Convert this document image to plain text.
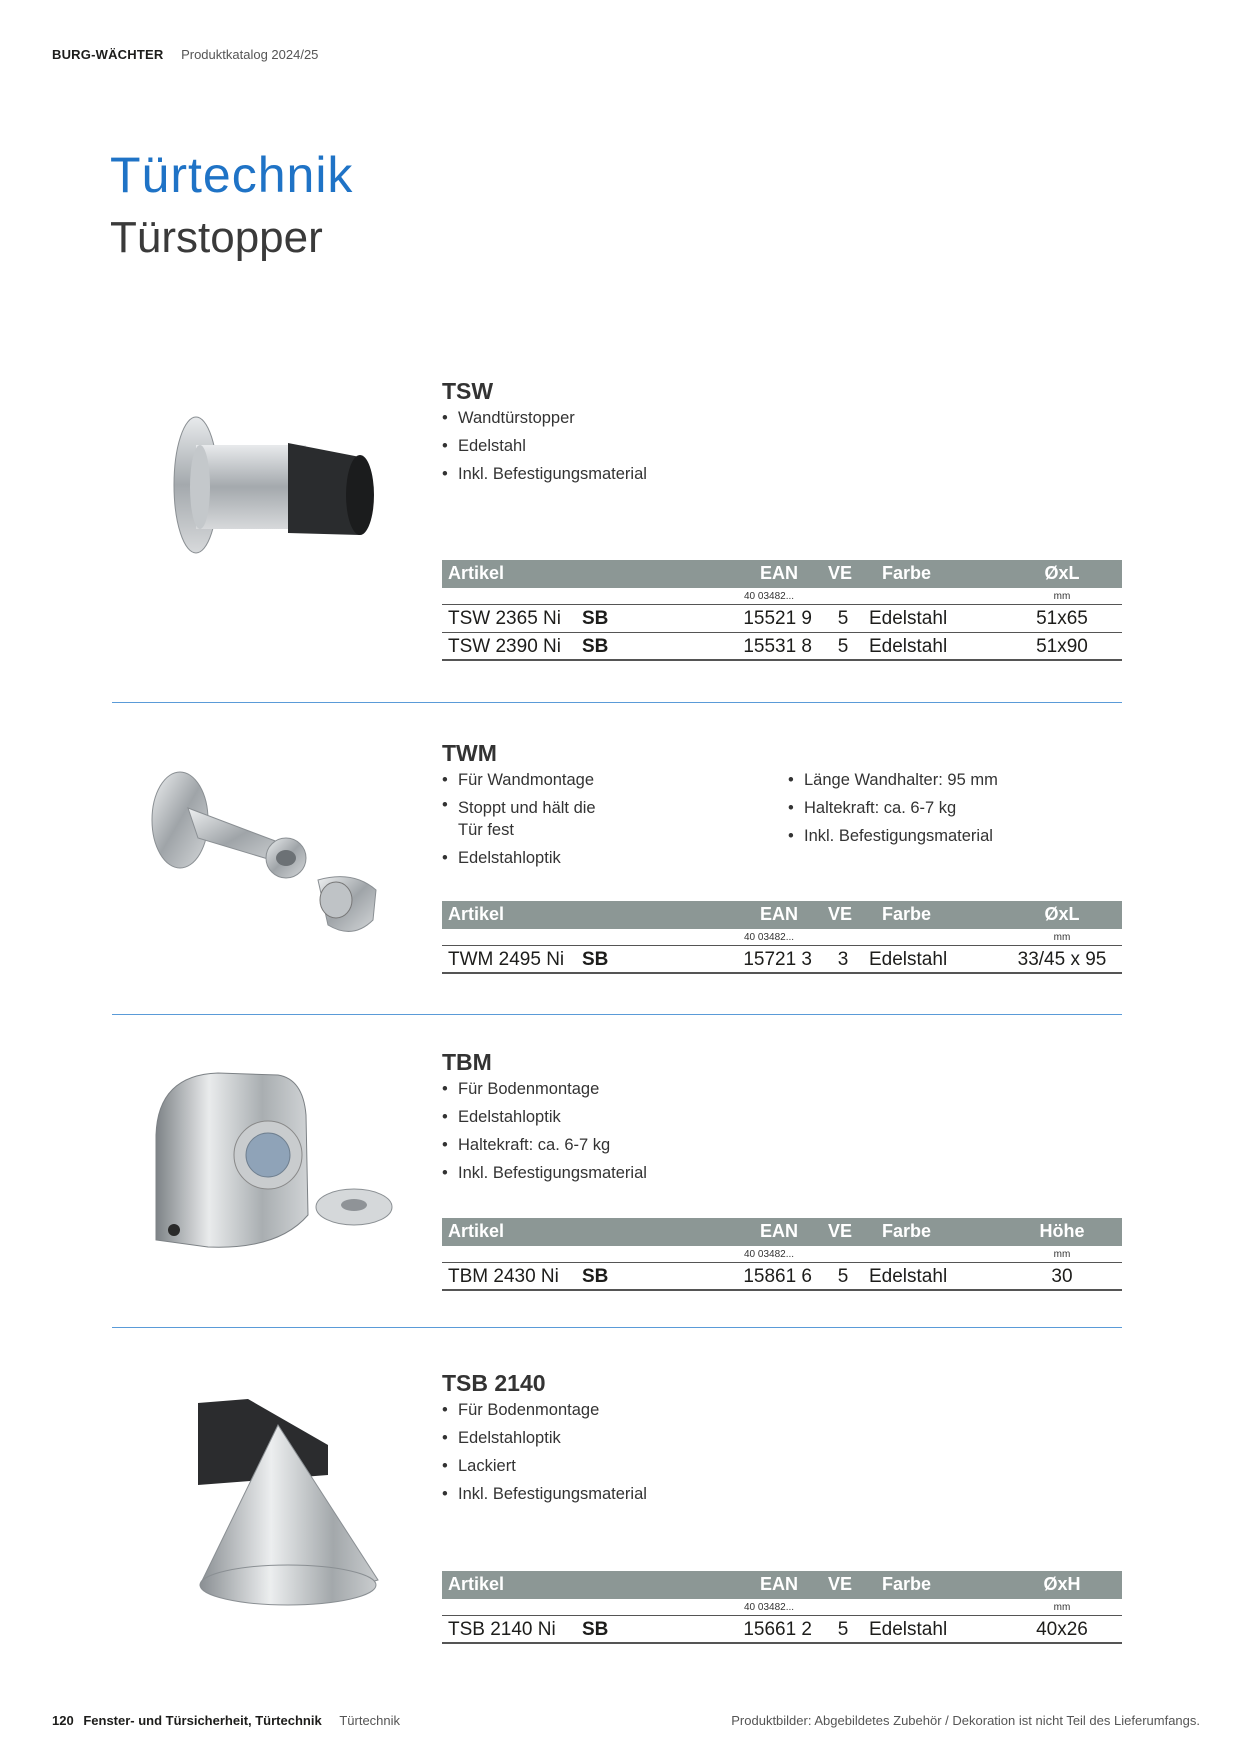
BURG-WÄCHTER Produktkatalog 2024/25
Türtechnik
Türstopper
TSW
• Wandtürstopper
• Edelstahl
• Inkl. Befestigungsmaterial
Artikel	EAN VE Farbe	ØxL
40 03482...	mm
TSW 2365 Ni SB	15521 9	5	Edelstahl	51x65
TSW 2390 Ni SB	15531 8	5	Edelstahl	51x90
TWM
• Für Wandmontage
• Stoppt und hält die Tür fest
• Edelstahloptik
• Länge Wandhalter: 95 mm
• Haltekraft: ca. 6-7 kg
• Inkl. Befestigungsmaterial
Artikel	EAN VE Farbe	ØxL
40 03482...	mm
TWM 2495 Ni SB	15721 3	3	Edelstahl	33/45 x 95
TBM
• Für Bodenmontage
• Edelstahloptik
• Haltekraft: ca. 6-7 kg
• Inkl. Befestigungsmaterial
Artikel	EAN VE Farbe	Höhe
40 03482...	mm
TBM 2430 Ni SB	15861 6	5	Edelstahl	30
TSB 2140
• Für Bodenmontage
• Edelstahloptik
• Lackiert
• Inkl. Befestigungsmaterial
Artikel	EAN VE Farbe	ØxH
40 03482...	mm
TSB 2140 Ni SB	15661 2	5	Edelstahl	40x26
120 Fenster- und Türsicherheit, Türtechnik Türtechnik	Produktbilder: Abgebildetes Zubehör / Dekoration ist nicht Teil des Lieferumfangs.
